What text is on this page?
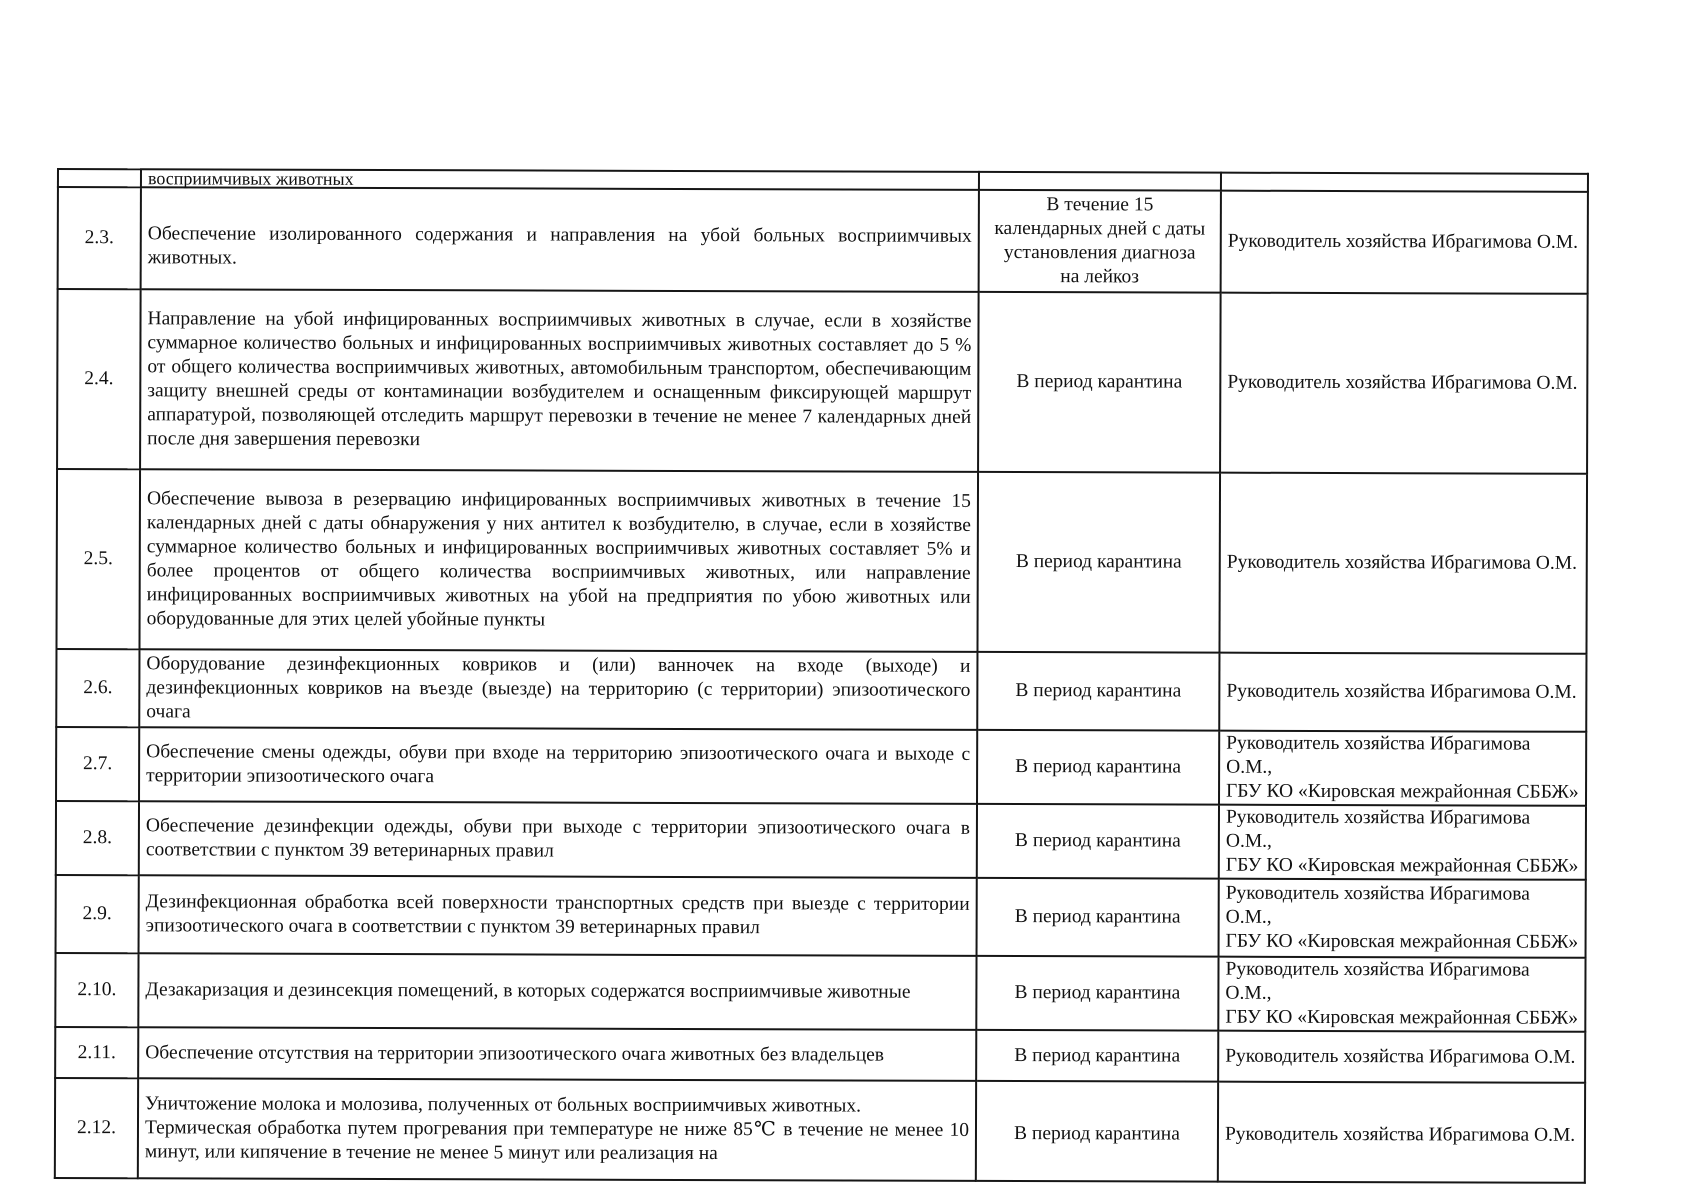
	восприимчивых животных		
2.3.	Обеспечение изолированного содержания и направления на убой больных восприимчивых животных.	В течение 15 календарных дней с даты установления диагноза на лейкоз	Руководитель хозяйства Ибрагимова О.М.

2.4.	Направление на убой инфицированных восприимчивых животных в случае, если в хозяйстве суммарное количество больных и инфицированных восприимчивых животных составляет до 5 % от общего количества восприимчивых животных, автомобильным транспортом, обеспечивающим защиту внешней среды от контаминации возбудителем и оснащенным фиксирующей маршрут аппаратурой, позволяющей отследить маршрут перевозки в течение не менее 7 календарных дней после дня завершения перевозки	В период карантина	Руководитель хозяйства Ибрагимова О.М.

2.5.	Обеспечение вывоза в резервацию инфицированных восприимчивых животных в течение 15 календарных дней с даты обнаружения у них антител к возбудителю, в случае, если в хозяйстве суммарное количество больных и инфицированных восприимчивых животных составляет 5% и более процентов от общего количества восприимчивых животных, или направление инфицированных восприимчивых животных на убой на предприятия по убою животных или оборудованные для этих целей убойные пункты	В период карантина	Руководитель хозяйства Ибрагимова О.М.

2.6.	Оборудование дезинфекционных ковриков и (или) ванночек на входе (выходе) и дезинфекционных ковриков на въезде (выезде) на территорию (с территории) эпизоотического очага	В период карантина	Руководитель хозяйства Ибрагимова О.М.

2.7.	Обеспечение смены одежды, обуви при входе на территорию эпизоотического очага и выходе с территории эпизоотического очага	В период карантина	Руководитель хозяйства Ибрагимова О.М.,
ГБУ КО «Кировская межрайонная СББЖ»

2.8.	Обеспечение дезинфекции одежды, обуви при выходе с территории эпизоотического очага в соответствии с пунктом 39 ветеринарных правил	В период карантина	Руководитель хозяйства Ибрагимова О.М.,
ГБУ КО «Кировская межрайонная СББЖ»

2.9.	Дезинфекционная обработка всей поверхности транспортных средств при выезде с территории эпизоотического очага в соответствии с пунктом 39 ветеринарных правил	В период карантина	Руководитель хозяйства Ибрагимова О.М.,
ГБУ КО «Кировская межрайонная СББЖ»

2.10.	Дезакаризация и дезинсекция помещений, в которых содержатся восприимчивые животные	В период карантина	Руководитель хозяйства Ибрагимова О.М.,
ГБУ КО «Кировская межрайонная СББЖ»

2.11.	Обеспечение отсутствия на территории эпизоотического очага животных без владельцев	В период карантина	Руководитель хозяйства Ибрагимова О.М.

2.12.	Уничтожение молока и молозива, полученных от больных восприимчивых животных.
Термическая обработка путем прогревания при температуре не ниже 85℃ в течение не менее 10 минут, или кипячение в течение не менее 5 минут или реализация на	В период карантина	Руководитель хозяйства Ибрагимова О.М.
